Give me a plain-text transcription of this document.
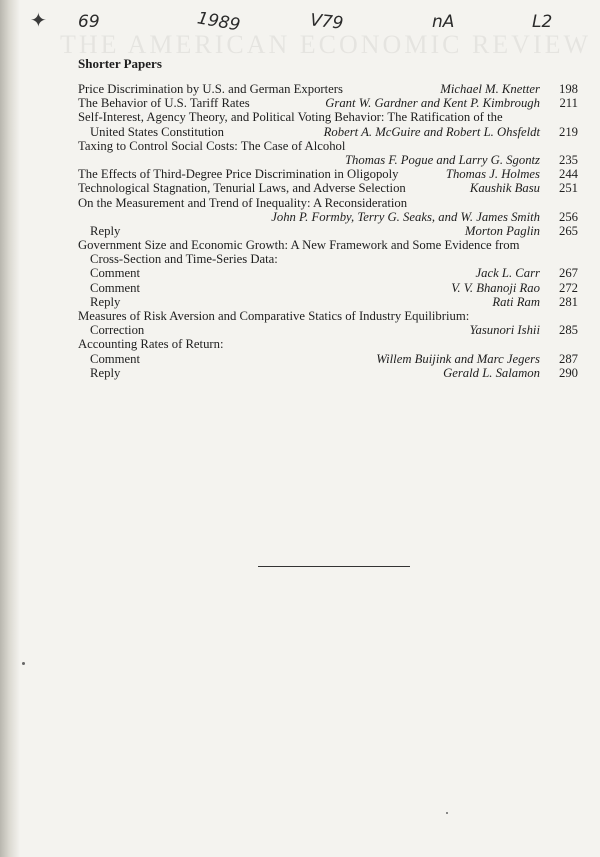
✦ 69	1989	V79	nA	L2
THE AMERICAN ECONOMIC REVIEW
Shorter Papers
Price Discrimination by U.S. and German Exporters	Michael M. Knetter	198
The Behavior of U.S. Tariff Rates	Grant W. Gardner and Kent P. Kimbrough	211
Self-Interest, Agency Theory, and Political Voting Behavior: The Ratification of the
United States Constitution	Robert A. McGuire and Robert L. Ohsfeldt	219
Taxing to Control Social Costs: The Case of Alcohol
Thomas F. Pogue and Larry G. Sgontz	235
The Effects of Third-Degree Price Discrimination in Oligopoly	Thomas J. Holmes	244
Technological Stagnation, Tenurial Laws, and Adverse Selection	Kaushik Basu	251
On the Measurement and Trend of Inequality: A Reconsideration
John P. Formby, Terry G. Seaks, and W. James Smith	256
Reply	Morton Paglin	265
Government Size and Economic Growth: A New Framework and Some Evidence from
Cross-Section and Time-Series Data:
Comment	Jack L. Carr	267
Comment	V. V. Bhanoji Rao	272
Reply	Rati Ram	281
Measures of Risk Aversion and Comparative Statics of Industry Equilibrium:
Correction	Yasunori Ishii	285
Accounting Rates of Return:
Comment	Willem Buijink and Marc Jegers	287
Reply	Gerald L. Salamon	290
